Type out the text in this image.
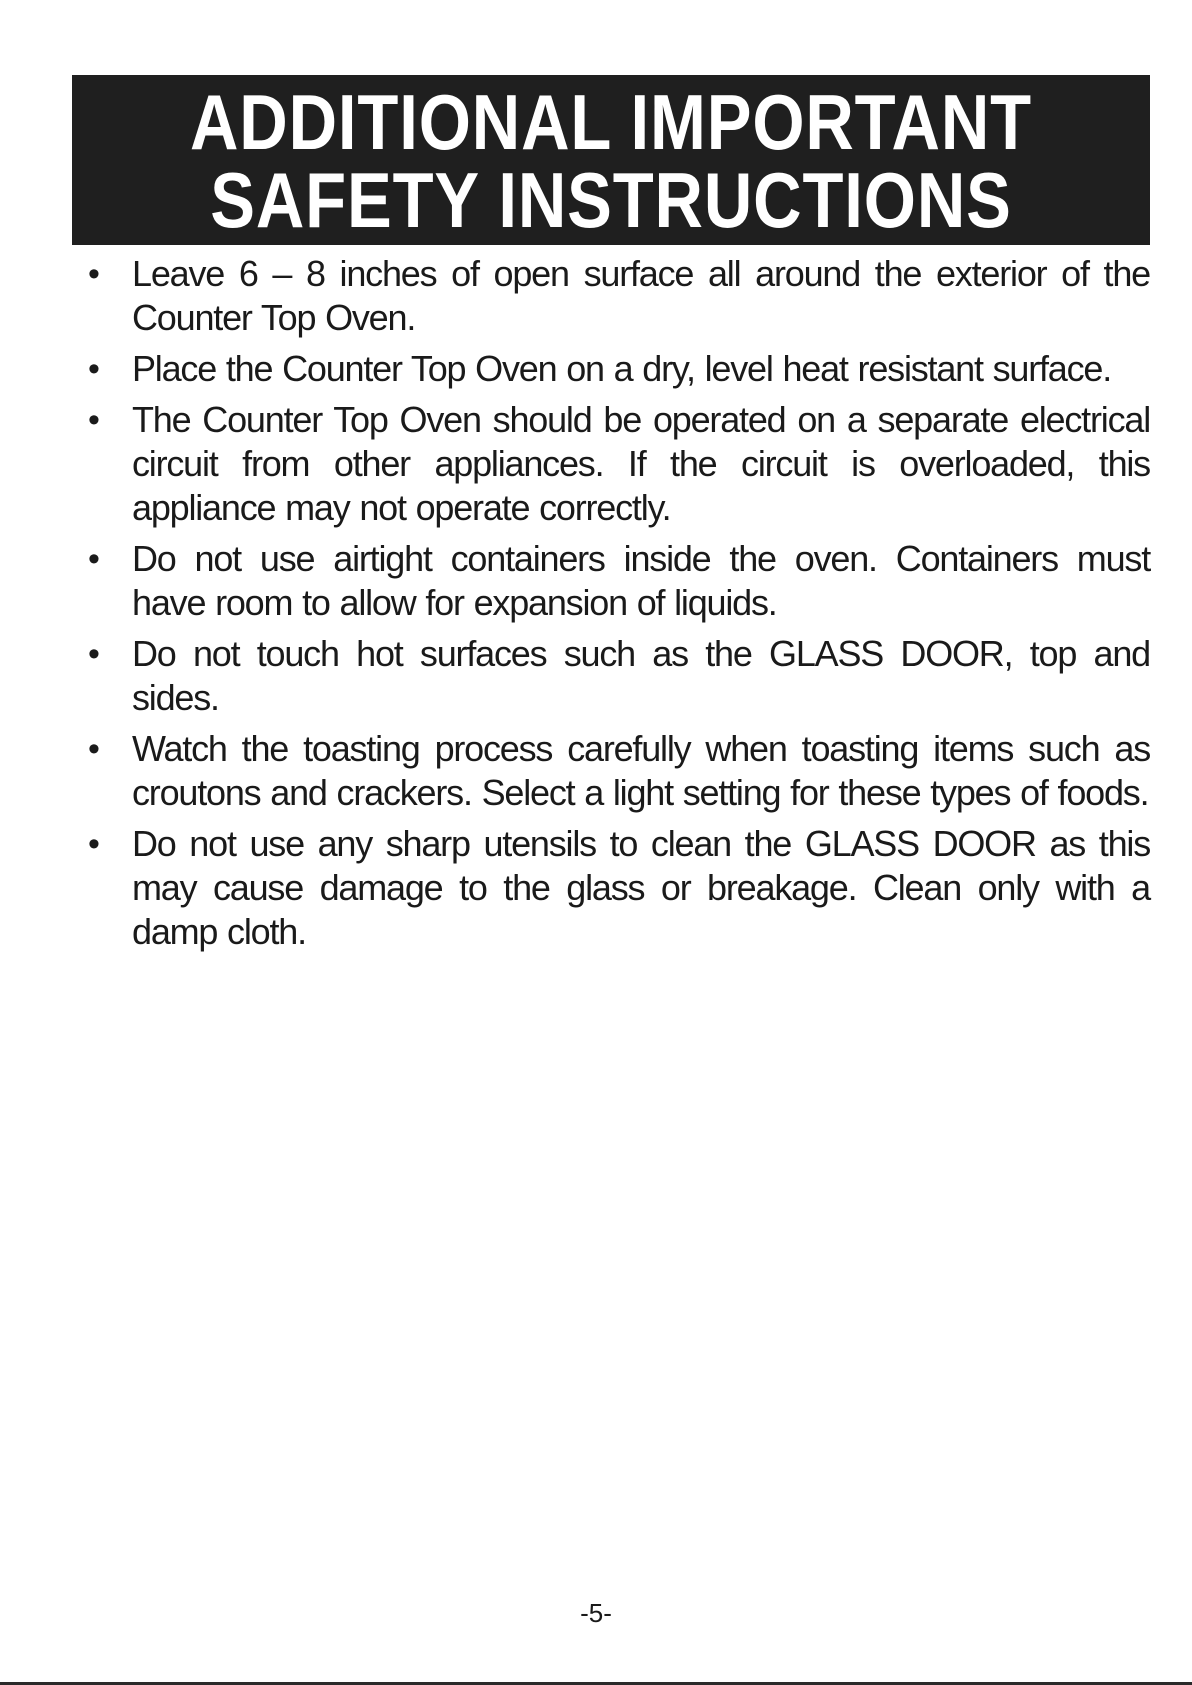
ADDITIONAL IMPORTANT
SAFETY INSTRUCTIONS
• Leave 6 – 8 inches of open surface all around the exterior of the Counter Top Oven.
• Place the Counter Top Oven on a dry, level heat resistant surface.
• The Counter Top Oven should be operated on a separate electrical circuit from other appliances. If the circuit is overloaded, this appliance may not operate correctly.
• Do not use airtight containers inside the oven. Containers must have room to allow for expansion of liquids.
• Do not touch hot surfaces such as the GLASS DOOR, top and sides.
• Watch the toasting process carefully when toasting items such as croutons and crackers. Select a light setting for these types of foods.
• Do not use any sharp utensils to clean the GLASS DOOR as this may cause damage to the glass or breakage. Clean only with a damp cloth.
-5-
